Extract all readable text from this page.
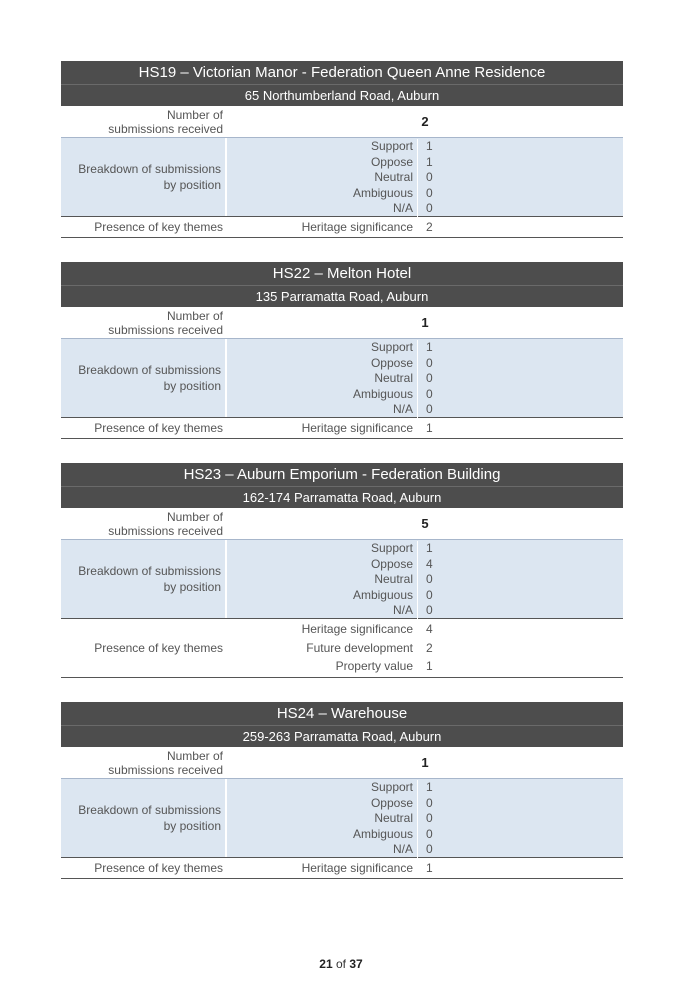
HS19 – Victorian Manor - Federation Queen Anne Residence
65 Northumberland Road, Auburn
Number of
submissions received	2
Breakdown of submissions
by position
Support	1
Oppose	1
Neutral	0
Ambiguous	0
N/A	0
Presence of key themes	Heritage significance	2
HS22 – Melton Hotel
135 Parramatta Road, Auburn
Number of
submissions received	1
Breakdown of submissions
by position
Support	1
Oppose	0
Neutral	0
Ambiguous	0
N/A	0
Presence of key themes	Heritage significance	1
HS23 – Auburn Emporium - Federation Building
162-174 Parramatta Road, Auburn
Number of
submissions received	5
Breakdown of submissions
by position
Support	1
Oppose	4
Neutral	0
Ambiguous	0
N/A	0
Presence of key themes
Heritage significance	4
Future development	2
Property value	1
HS24 – Warehouse
259-263 Parramatta Road, Auburn
Number of
submissions received	1
Breakdown of submissions
by position
Support	1
Oppose	0
Neutral	0
Ambiguous	0
N/A	0
Presence of key themes	Heritage significance	1
21 of 37
